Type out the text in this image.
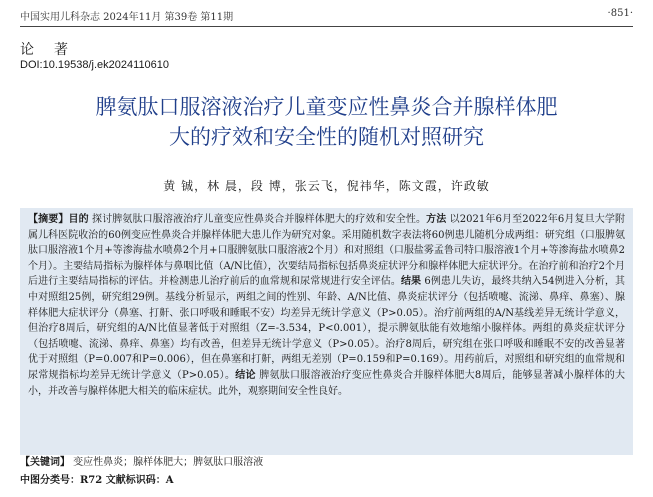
中国实用儿科杂志 2024年11月 第39卷 第11期	·851·
论著
DOI:10.19538/j.ek2024110610
脾氨肽口服溶液治疗儿童变应性鼻炎合并腺样体肥
大的疗效和安全性的随机对照研究
黄 铖，林 晨，段 博，张云飞，倪祎华，陈文霞，许政敏
【摘要】目的 探讨脾氨肽口服溶液治疗儿童变应性鼻炎合并腺样体肥大的疗效和安全性。方法 以2021年6月至2022年6月复旦大学附属儿科医院收治的60例变应性鼻炎合并腺样体肥大患儿作为研究对象。采用随机数字表法将60例患儿随机分成两组：研究组（口服脾氨肽口服溶液1个月+等渗海盐水喷鼻2个月+口服脾氨肽口服溶液2个月）和对照组（口服盐雾孟鲁司特口服溶液1个月+等渗海盐水喷鼻2个月）。主要结局指标为腺样体与鼻咽比值（A/N比值），次要结局指标包括鼻炎症状评分和腺样体肥大症状评分。在治疗前和治疗2个月后进行主要结局指标的评估。并检测患儿治疗前后的血常规和尿常规进行安全评估。结果 6例患儿失访，最终共纳入54例进入分析，其中对照组25例，研究组29例。基线分析显示，两组之间的性别、年龄、A/N比值、鼻炎症状评分（包括喷嚏、流涕、鼻痒、鼻塞）、腺样体肥大症状评分（鼻塞、打鼾、张口呼吸和睡眠不安）均差异无统计学意义（P>0.05）。治疗前两组的A/N基线差异无统计学意义，但治疗8周后，研究组的A/N比值显著低于对照组（Z=-3.534，P<0.001），提示脾氨肽能有效地缩小腺样体。两组的鼻炎症状评分（包括喷嚏、流涕、鼻痒、鼻塞）均有改善，但差异无统计学意义（P>0.05）。治疗8周后，研究组在张口呼吸和睡眠不安的改善显著优于对照组（P=0.007和P=0.006），但在鼻塞和打鼾，两组无差别（P=0.159和P=0.169）。用药前后，对照组和研究组的血常规和尿常规指标均差异无统计学意义（P>0.05）。结论 脾氨肽口服溶液治疗变应性鼻炎合并腺样体肥大8周后，能够显著减小腺样体的大小，并改善与腺样体肥大相关的临床症状。此外，观察期间安全性良好。
【关键词】 变应性鼻炎；腺样体肥大；脾氨肽口服溶液
中图分类号：R72 文献标识码：A
